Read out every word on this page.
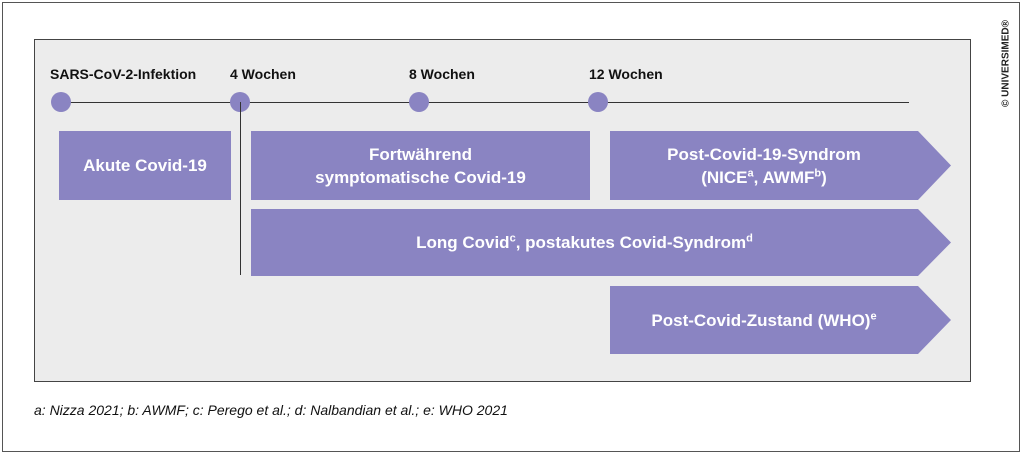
SARS-CoV-2-Infektion 4 Wochen	8 Wochen	12 Wochen
Akute Covid-19
Fortwährend
symptomatische Covid-19
Post-Covid-19-Syndrom
(NICE$^a$, AWMF$^b$)
Long Covid$^c$, postakutes Covid-Syndrom$^d$
Post-Covid-Zustand (WHO)$^e$
a: Nizza 2021; b: AWMF; c: Perego et al.; d: Nalbandian et al.; e: WHO 2021
© UNIVERSIMED®
